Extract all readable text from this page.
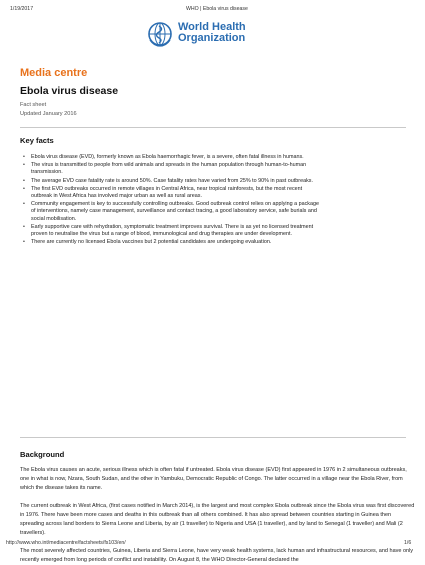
1/19/2017	WHO | Ebola virus disease
World Health
Organization
Media centre
Ebola virus disease
Fact sheet
Updated January 2016
Key facts
• Ebola virus disease (EVD), formerly known as Ebola haemorrhagic fever, is a severe, often fatal illness in humans.
• The virus is transmitted to people from wild animals and spreads in the human population through human-to-human transmission.
• The average EVD case fatality rate is around 50%. Case fatality rates have varied from 25% to 90% in past outbreaks.
• The first EVD outbreaks occurred in remote villages in Central Africa, near tropical rainforests, but the most recent outbreak in West Africa has involved major urban as well as rural areas.
• Community engagement is key to successfully controlling outbreaks. Good outbreak control relies on applying a package of interventions, namely case management, surveillance and contact tracing, a good laboratory service, safe burials and social mobilisation.
• Early supportive care with rehydration, symptomatic treatment improves survival. There is as yet no licensed treatment proven to neutralise the virus but a range of blood, immunological and drug therapies are under development.
• There are currently no licensed Ebola vaccines but 2 potential candidates are undergoing evaluation.
Background

The Ebola virus causes an acute, serious illness which is often fatal if untreated. Ebola virus disease (EVD) first appeared in 1976 in 2 simultaneous outbreaks, one in what is now, Nzara, South Sudan, and the other in Yambuku, Democratic Republic of Congo. The latter occurred in a village near the Ebola River, from which the disease takes its name.

The current outbreak in West Africa, (first cases notified in March 2014), is the largest and most complex Ebola outbreak since the Ebola virus was first discovered in 1976. There have been more cases and deaths in this outbreak than all others combined. It has also spread between countries starting in Guinea then spreading across land borders to Sierra Leone and Liberia, by air (1 traveller) to Nigeria and USA (1 traveller), and by land to Senegal (1 traveller) and Mali (2 travellers).

The most severely affected countries, Guinea, Liberia and Sierra Leone, have very weak health systems, lack human and infrastructural resources, and have only recently emerged from long periods of conflict and instability. On August 8, the WHO Director-General declared the

http://www.who.int/mediacentre/factsheets/fs103/en/	1/6
